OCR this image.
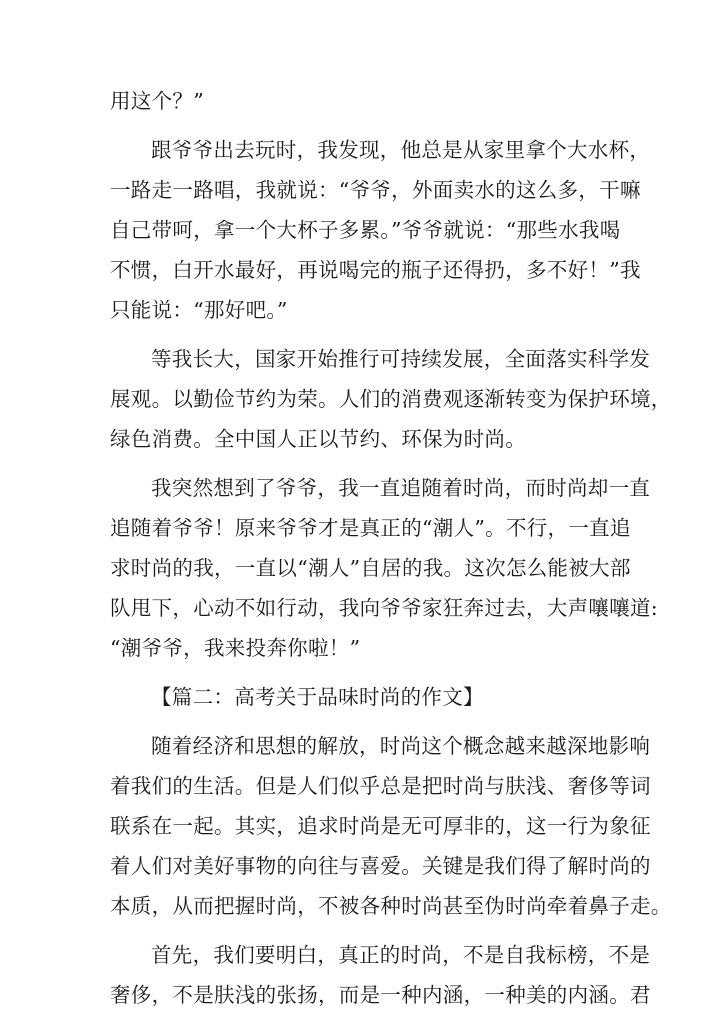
用这个？”
跟爷爷出去玩时，我发现，他总是从家里拿个大水杯，
一路走一路唱，我就说：“爷爷，外面卖水的这么多，干嘛
自己带呵，拿一个大杯子多累。”爷爷就说：“那些水我喝
不惯，白开水最好，再说喝完的瓶子还得扔，多不好！”我
只能说：“那好吧。”
等我长大，国家开始推行可持续发展，全面落实科学发
展观。以勤俭节约为荣。人们的消费观逐渐转变为保护环境，
绿色消费。全中国人正以节约、环保为时尚。
我突然想到了爷爷，我一直追随着时尚，而时尚却一直
追随着爷爷！原来爷爷才是真正的“潮人”。不行，一直追
求时尚的我，一直以“潮人”自居的我。这次怎么能被大部
队甩下，心动不如行动，我向爷爷家狂奔过去，大声嚷嚷道:
“潮爷爷，我来投奔你啦！”
【篇二：高考关于品味时尚的作文】
随着经济和思想的解放，时尚这个概念越来越深地影响
着我们的生活。但是人们似乎总是把时尚与肤浅、奢侈等词
联系在一起。其实，追求时尚是无可厚非的，这一行为象征
着人们对美好事物的向往与喜爱。关键是我们得了解时尚的
本质，从而把握时尚，不被各种时尚甚至伪时尚牵着鼻子走。
首先，我们要明白，真正的时尚，不是自我标榜，不是
奢侈，不是肤浅的张扬，而是一种内涵，一种美的内涵。君
